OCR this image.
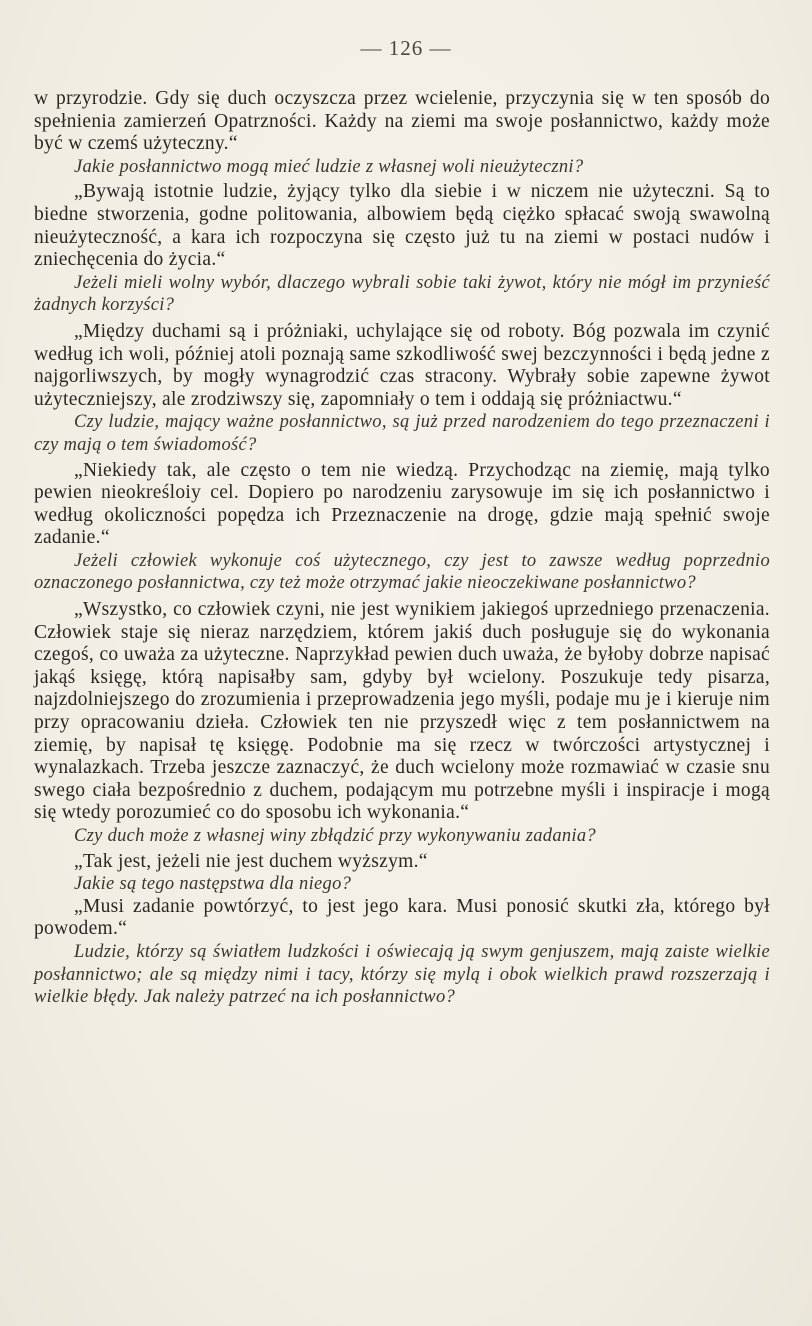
— 126 —

w przyrodzie. Gdy się duch oczyszcza przez wcielenie, przyczynia się w ten sposób do spełnienia zamierzeń Opatrzności. Każdy na ziemi ma swoje posłannictwo, każdy może być w czemś użyteczny.“

Jakie posłannictwo mogą mieć ludzie z własnej woli nieużyteczni?

„Bywają istotnie ludzie, żyjący tylko dla siebie i w niczem nie użyteczni. Są to biedne stworzenia, godne politowania, albowiem będą ciężko spłacać swoją swawolną nieużyteczność, a kara ich rozpoczyna się często już tu na ziemi w postaci nudów i zniechęcenia do życia.“

Jeżeli mieli wolny wybór, dlaczego wybrali sobie taki żywot, który nie mógł im przynieść żadnych korzyści?

„Między duchami są i próżniaki, uchylające się od roboty. Bóg pozwala im czynić według ich woli, później atoli poznają same szkodliwość swej bezczynności i będą jedne z najgorliwszych, by mogły wynagrodzić czas stracony. Wybrały sobie zapewne żywot użyteczniejszy, ale zrodziwszy się, zapomniały o tem i oddają się próżniactwu.“

Czy ludzie, mający ważne posłannictwo, są już przed narodzeniem do tego przeznaczeni i czy mają o tem świadomość?

„Niekiedy tak, ale często o tem nie wiedzą. Przychodząc na ziemię, mają tylko pewien nieokreśloiy cel. Dopiero po narodzeniu zarysowuje im się ich posłannictwo i według okoliczności popędza ich Przeznaczenie na drogę, gdzie mają spełnić swoje zadanie.“

Jeżeli człowiek wykonuje coś użytecznego, czy jest to zawsze według poprzednio oznaczonego posłannictwa, czy też może otrzymać jakie nieoczekiwane posłannictwo?

„Wszystko, co człowiek czyni, nie jest wynikiem jakiegoś uprzedniego przenaczenia. Człowiek staje się nieraz narzędziem, którem jakiś duch posługuje się do wykonania czegoś, co uważa za użyteczne. Naprzykład pewien duch uważa, że byłoby dobrze napisać jakąś księgę, którą napisałby sam, gdyby był wcielony. Poszukuje tedy pisarza, najzdolniejszego do zrozumienia i przeprowadzenia jego myśli, podaje mu je i kieruje nim przy opracowaniu dzieła. Człowiek ten nie przyszedł więc z tem posłannictwem na ziemię, by napisał tę księgę. Podobnie ma się rzecz w twórczości artystycznej i wynalazkach. Trzeba jeszcze zaznaczyć, że duch wcielony może rozmawiać w czasie snu swego ciała bezpośrednio z duchem, podającym mu potrzebne myśli i inspiracje i mogą się wtedy porozumieć co do sposobu ich wykonania.“

Czy duch może z własnej winy zbłądzić przy wykonywaniu zadania?

„Tak jest, jeżeli nie jest duchem wyższym.“

Jakie są tego następstwa dla niego?

„Musi zadanie powtórzyć, to jest jego kara. Musi ponosić skutki zła, którego był powodem.“

Ludzie, którzy są światłem ludzkości i oświecają ją swym genjuszem, mają zaiste wielkie posłannictwo; ale są między nimi i tacy, którzy się mylą i obok wielkich prawd rozszerzają i wielkie błędy. Jak należy patrzeć na ich posłannictwo?
